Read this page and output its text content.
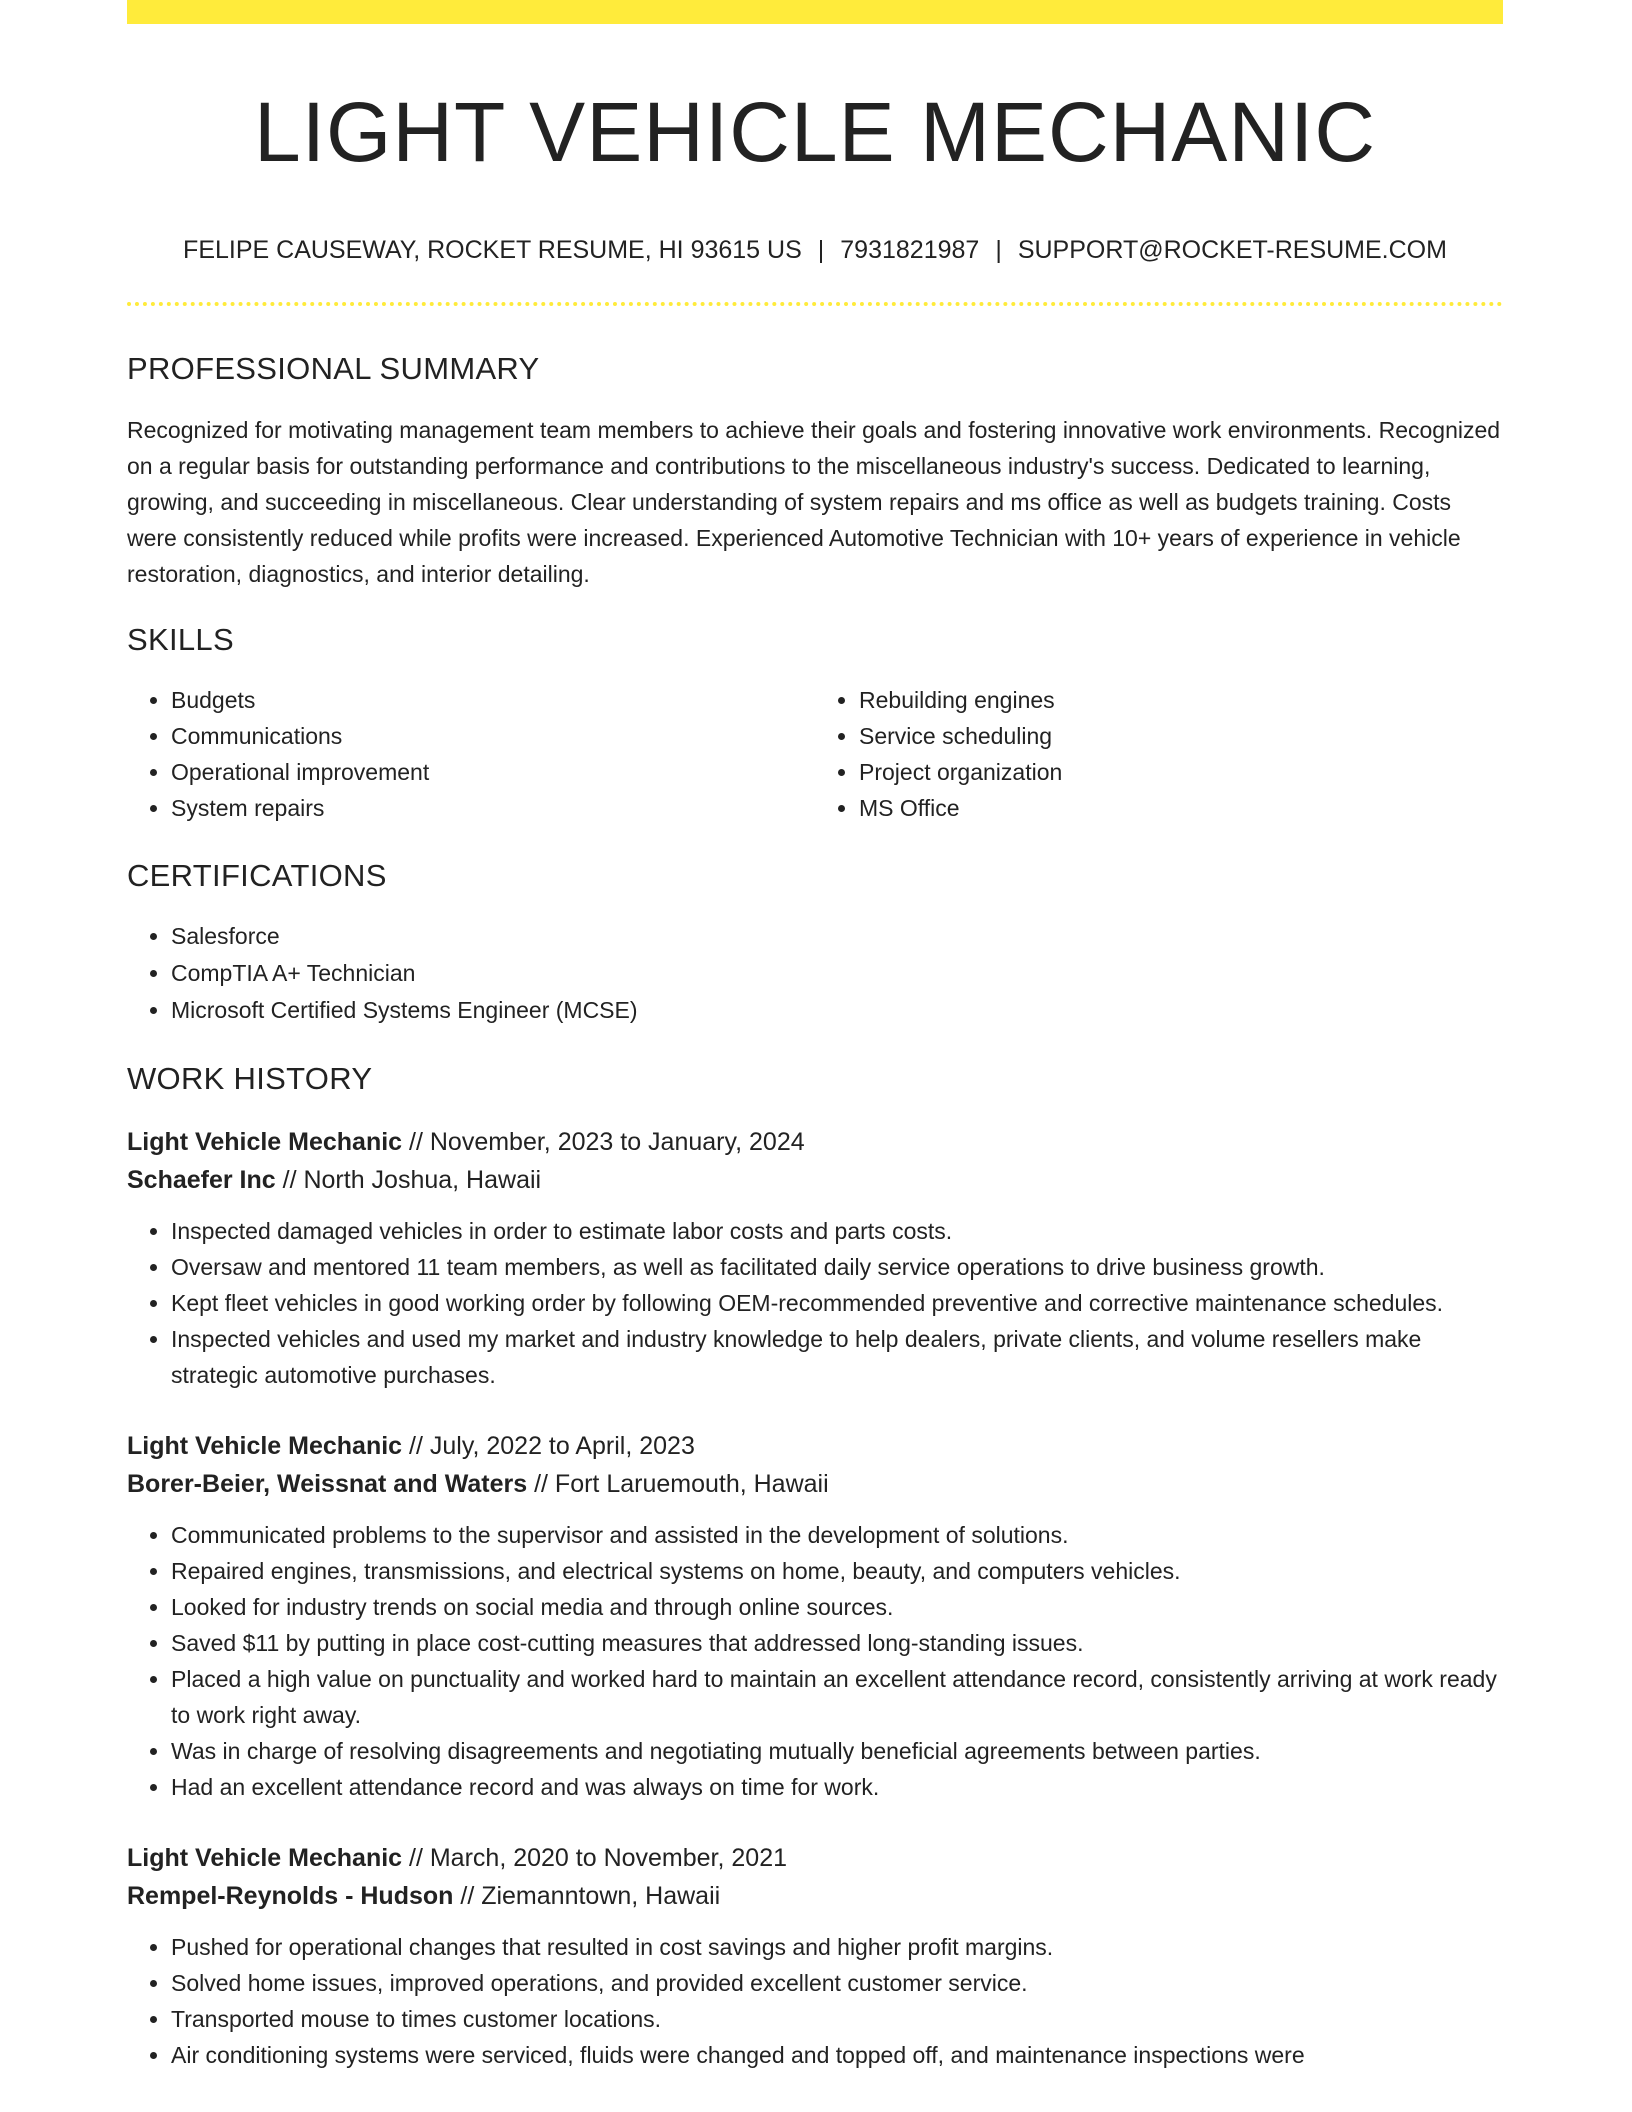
LIGHT VEHICLE MECHANIC
FELIPE CAUSEWAY, ROCKET RESUME, HI 93615 US | 7931821987 | SUPPORT@ROCKET-RESUME.COM
PROFESSIONAL SUMMARY

Recognized for motivating management team members to achieve their goals and fostering innovative work environments. Recognized on a regular basis for outstanding performance and contributions to the miscellaneous industry's success. Dedicated to learning, growing, and succeeding in miscellaneous. Clear understanding of system repairs and ms office as well as budgets training. Costs were consistently reduced while profits were increased. Experienced Automotive Technician with 10+ years of experience in vehicle restoration, diagnostics, and interior detailing.

SKILLS
• Budgets
• Communications
• Operational improvement
• System repairs
• Rebuilding engines
• Service scheduling
• Project organization
• MS Office
CERTIFICATIONS
• Salesforce
• CompTIA A+ Technician
• Microsoft Certified Systems Engineer (MCSE)
WORK HISTORY
Light Vehicle Mechanic // November, 2023 to January, 2024
Schaefer Inc // North Joshua, Hawaii
• Inspected damaged vehicles in order to estimate labor costs and parts costs.
• Oversaw and mentored 11 team members, as well as facilitated daily service operations to drive business growth.
• Kept fleet vehicles in good working order by following OEM-recommended preventive and corrective maintenance schedules.
• Inspected vehicles and used my market and industry knowledge to help dealers, private clients, and volume resellers make strategic automotive purchases.
Light Vehicle Mechanic // July, 2022 to April, 2023
Borer-Beier, Weissnat and Waters // Fort Laruemouth, Hawaii
• Communicated problems to the supervisor and assisted in the development of solutions.
• Repaired engines, transmissions, and electrical systems on home, beauty, and computers vehicles.
• Looked for industry trends on social media and through online sources.
• Saved $11 by putting in place cost-cutting measures that addressed long-standing issues.
• Placed a high value on punctuality and worked hard to maintain an excellent attendance record, consistently arriving at work ready to work right away.
• Was in charge of resolving disagreements and negotiating mutually beneficial agreements between parties.
• Had an excellent attendance record and was always on time for work.
Light Vehicle Mechanic // March, 2020 to November, 2021
Rempel-Reynolds - Hudson // Ziemanntown, Hawaii
• Pushed for operational changes that resulted in cost savings and higher profit margins.
• Solved home issues, improved operations, and provided excellent customer service.
• Transported mouse to times customer locations.
• Air conditioning systems were serviced, fluids were changed and topped off, and maintenance inspections were
